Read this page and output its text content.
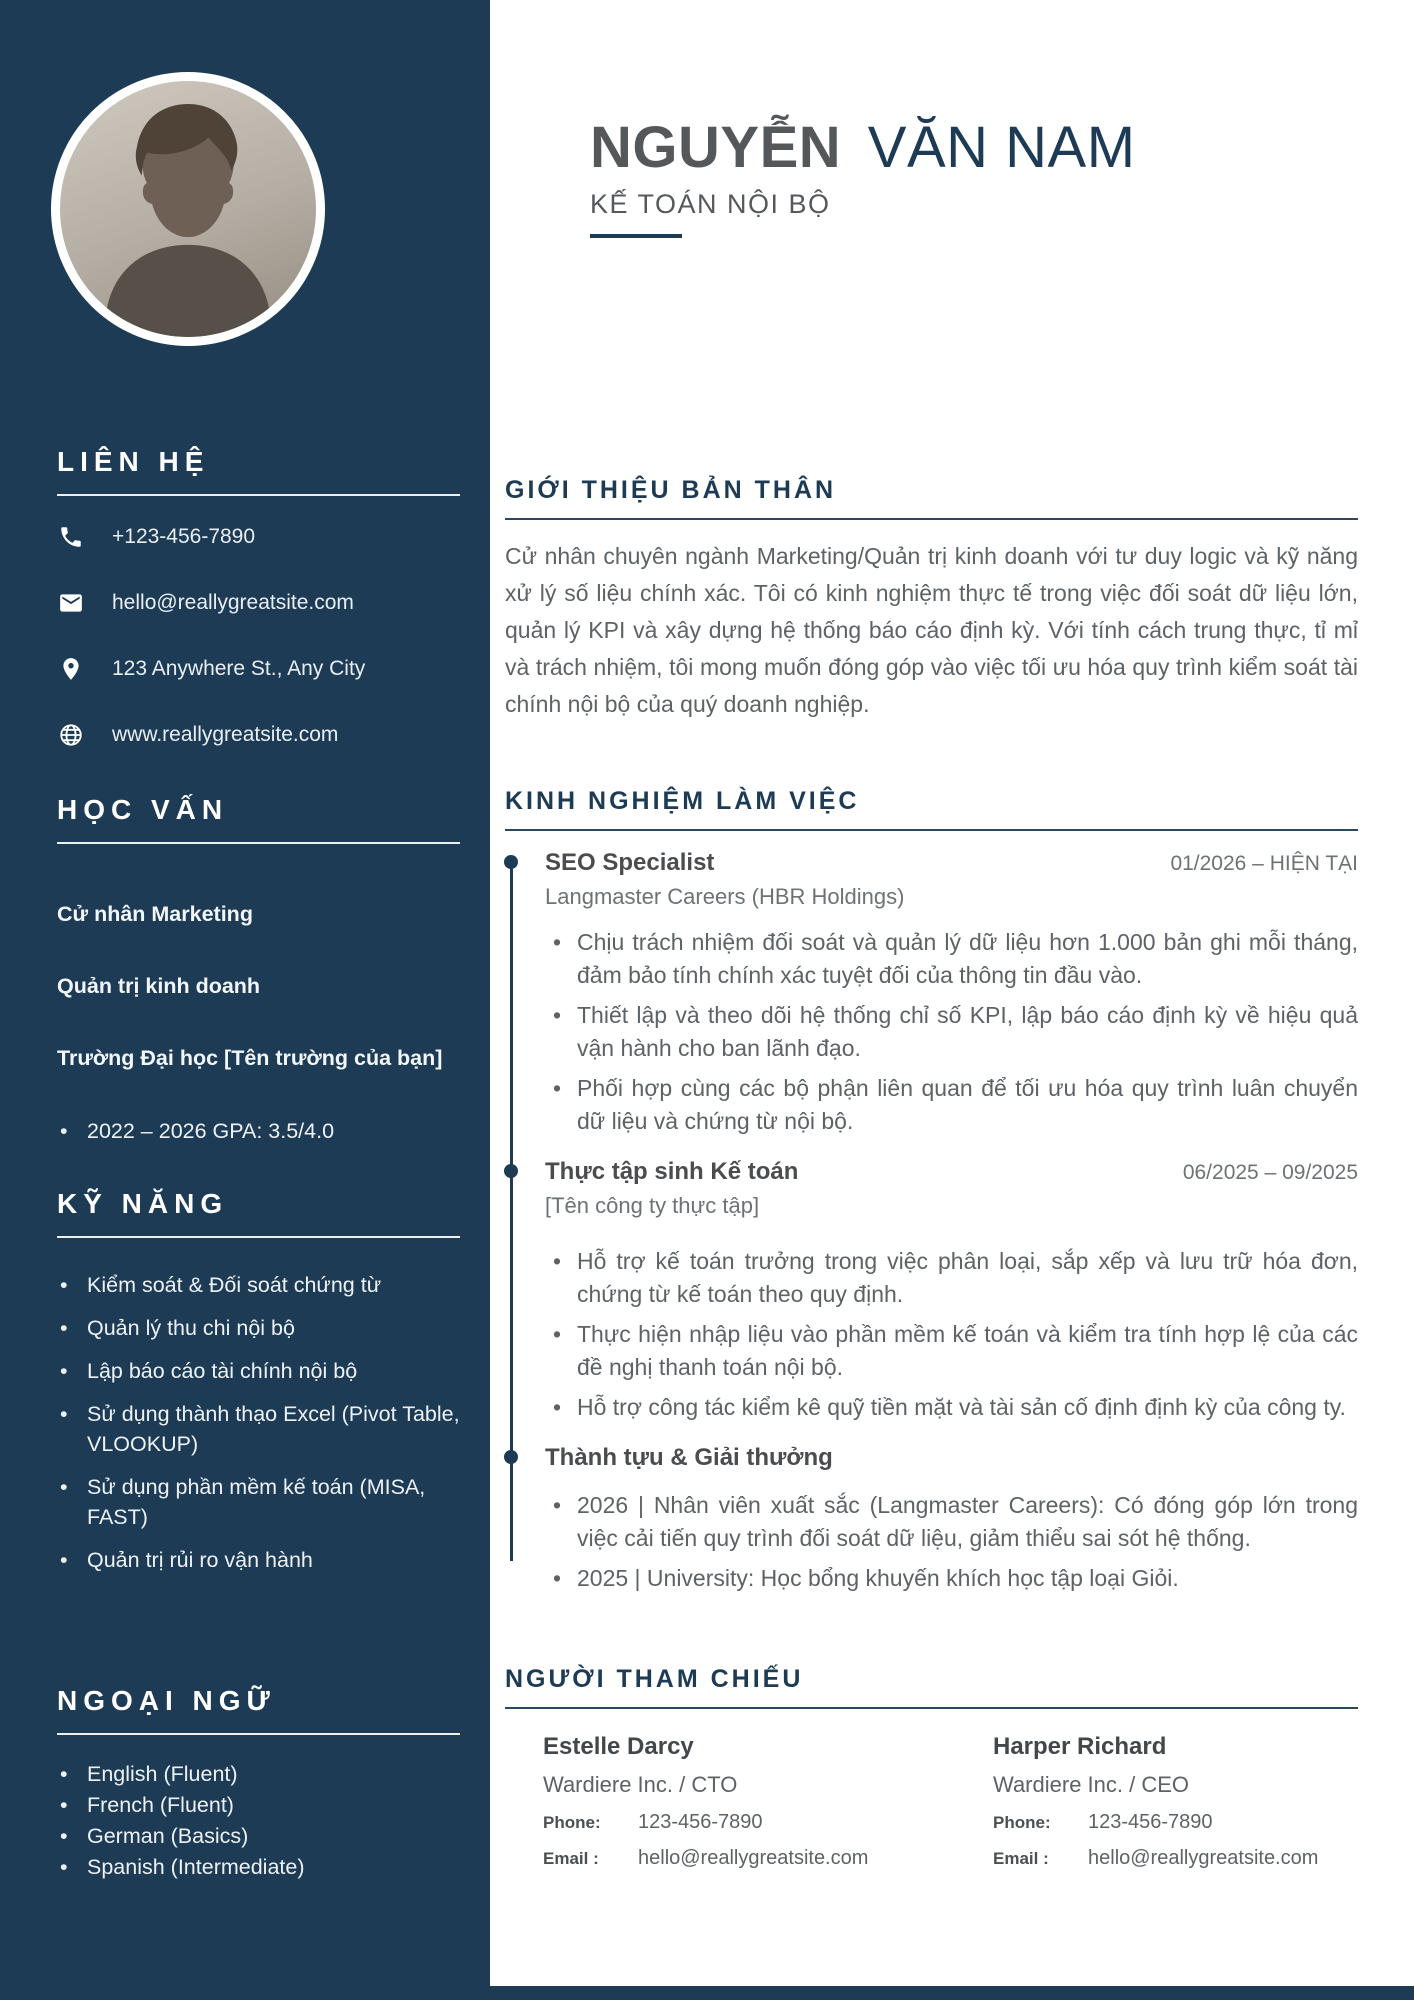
LIÊN HỆ
+123-456-7890
hello@reallygreatsite.com
123 Anywhere St., Any City
www.reallygreatsite.com
HỌC VẤN

Cử nhân Marketing

Quản trị kinh doanh

Trường Đại học [Tên trường của bạn]

• 2022 – 2026 GPA: 3.5/4.0
KỸ NĂNG
• Kiểm soát & Đối soát chứng từ
• Quản lý thu chi nội bộ
• Lập báo cáo tài chính nội bộ
• Sử dụng thành thạo Excel (Pivot Table, VLOOKUP)
• Sử dụng phần mềm kế toán (MISA, FAST)
• Quản trị rủi ro vận hành
NGOẠI NGỮ
• English (Fluent)
• French (Fluent)
• German (Basics)
• Spanish (Intermediate)
NGUYỄN VĂN NAM
KẾ TOÁN NỘI BỘ
GIỚI THIỆU BẢN THÂN

Cử nhân chuyên ngành Marketing/Quản trị kinh doanh với tư duy logic và kỹ năng xử lý số liệu chính xác. Tôi có kinh nghiệm thực tế trong việc đối soát dữ liệu lớn, quản lý KPI và xây dựng hệ thống báo cáo định kỳ. Với tính cách trung thực, tỉ mỉ và trách nhiệm, tôi mong muốn đóng góp vào việc tối ưu hóa quy trình kiểm soát tài chính nội bộ của quý doanh nghiệp.

KINH NGHIỆM LÀM VIỆC
SEO Specialist	01/2026 – HIỆN TẠI
Langmaster Careers (HBR Holdings)
• Chịu trách nhiệm đối soát và quản lý dữ liệu hơn 1.000 bản ghi mỗi tháng, đảm bảo tính chính xác tuyệt đối của thông tin đầu vào.
• Thiết lập và theo dõi hệ thống chỉ số KPI, lập báo cáo định kỳ về hiệu quả vận hành cho ban lãnh đạo.
• Phối hợp cùng các bộ phận liên quan để tối ưu hóa quy trình luân chuyển dữ liệu và chứng từ nội bộ.
Thực tập sinh Kế toán	06/2025 – 09/2025
[Tên công ty thực tập]
• Hỗ trợ kế toán trưởng trong việc phân loại, sắp xếp và lưu trữ hóa đơn, chứng từ kế toán theo quy định.
• Thực hiện nhập liệu vào phần mềm kế toán và kiểm tra tính hợp lệ của các đề nghị thanh toán nội bộ.
• Hỗ trợ công tác kiểm kê quỹ tiền mặt và tài sản cố định định kỳ của công ty.
Thành tựu & Giải thưởng
• 2026 | Nhân viên xuất sắc (Langmaster Careers): Có đóng góp lớn trong việc cải tiến quy trình đối soát dữ liệu, giảm thiểu sai sót hệ thống.
• 2025 | University: Học bổng khuyến khích học tập loại Giỏi.
NGƯỜI THAM CHIẾU
Estelle Darcy
Wardiere Inc. / CTO
Phone:	123-456-7890
Email :	hello@reallygreatsite.com
Harper Richard
Wardiere Inc. / CEO
Phone:	123-456-7890
Email :	hello@reallygreatsite.com
